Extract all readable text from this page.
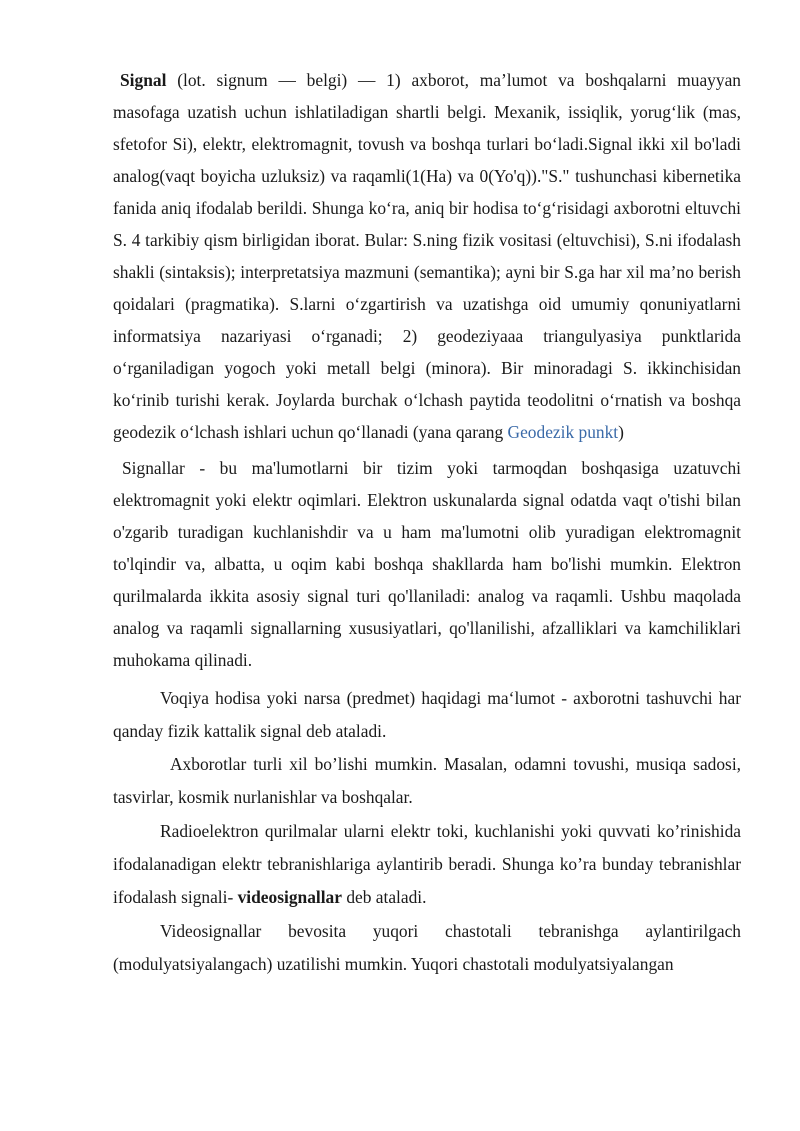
Signal (lot. signum — belgi) — 1) axborot, ma’lumot va boshqalarni muayyan masofaga uzatish uchun ishlatiladigan shartli belgi. Mexanik, issiqlik, yorug‘lik (mas, sfetofor Si), elektr, elektromagnit, tovush va boshqa turlari bo‘ladi.Signal ikki xil bo'ladi analog(vaqt boyicha uzluksiz) va raqamli(1(Ha) va 0(Yo'q))."S." tushunchasi kibernetika fanida aniq ifodalab berildi. Shunga ko‘ra, aniq bir hodisa to‘g‘risidagi axborotni eltuvchi S. 4 tarkibiy qism birligidan iborat. Bular: S.ning fizik vositasi (eltuvchisi), S.ni ifodalash shakli (sintaksis); interpretatsiya mazmuni (semantika); ayni bir S.ga har xil ma’no berish qoidalari (pragmatika). S.larni o‘zgartirish va uzatishga oid umumiy qonuniyatlarni informatsiya nazariyasi o‘rganadi; 2) geodeziyaaa triangulyasiya punktlarida o‘rganiladigan yogoch yoki metall belgi (minora). Bir minoradagi S. ikkinchisidan ko‘rinib turishi kerak. Joylarda burchak o‘lchash paytida teodolitni o‘rnatish va boshqa geodezik o‘lchash ishlari uchun qo‘llanadi (yana qarang Geodezik punkt)

Signallar - bu ma'lumotlarni bir tizim yoki tarmoqdan boshqasiga uzatuvchi elektromagnit yoki elektr oqimlari. Elektron uskunalarda signal odatda vaqt o'tishi bilan o'zgarib turadigan kuchlanishdir va u ham ma'lumotni olib yuradigan elektromagnit to'lqindir va, albatta, u oqim kabi boshqa shakllarda ham bo'lishi mumkin. Elektron qurilmalarda ikkita asosiy signal turi qo'llaniladi: analog va raqamli. Ushbu maqolada analog va raqamli signallarning xususiyatlari, qo'llanilishi, afzalliklari va kamchiliklari muhokama qilinadi.

Voqiya hodisa yoki narsa (predmet) haqidagi ma‘lumot - axborotni tashuvchi har qanday fizik kattalik signal deb ataladi.

Axborotlar turli xil bo’lishi mumkin. Masalan, odamni tovushi, musiqa sadosi, tasvirlar, kosmik nurlanishlar va boshqalar.

Radioelektron qurilmalar ularni elektr toki, kuchlanishi yoki quvvati ko’rinishida ifodalanadigan elektr tebranishlariga aylantirib beradi. Shunga ko’ra bunday tebranishlar ifodalash signali- videosignallar deb ataladi.

Videosignallar bevosita yuqori chastotali tebranishga aylantirilgach (modulyatsiyalangach) uzatilishi mumkin. Yuqori chastotali modulyatsiyalangan
